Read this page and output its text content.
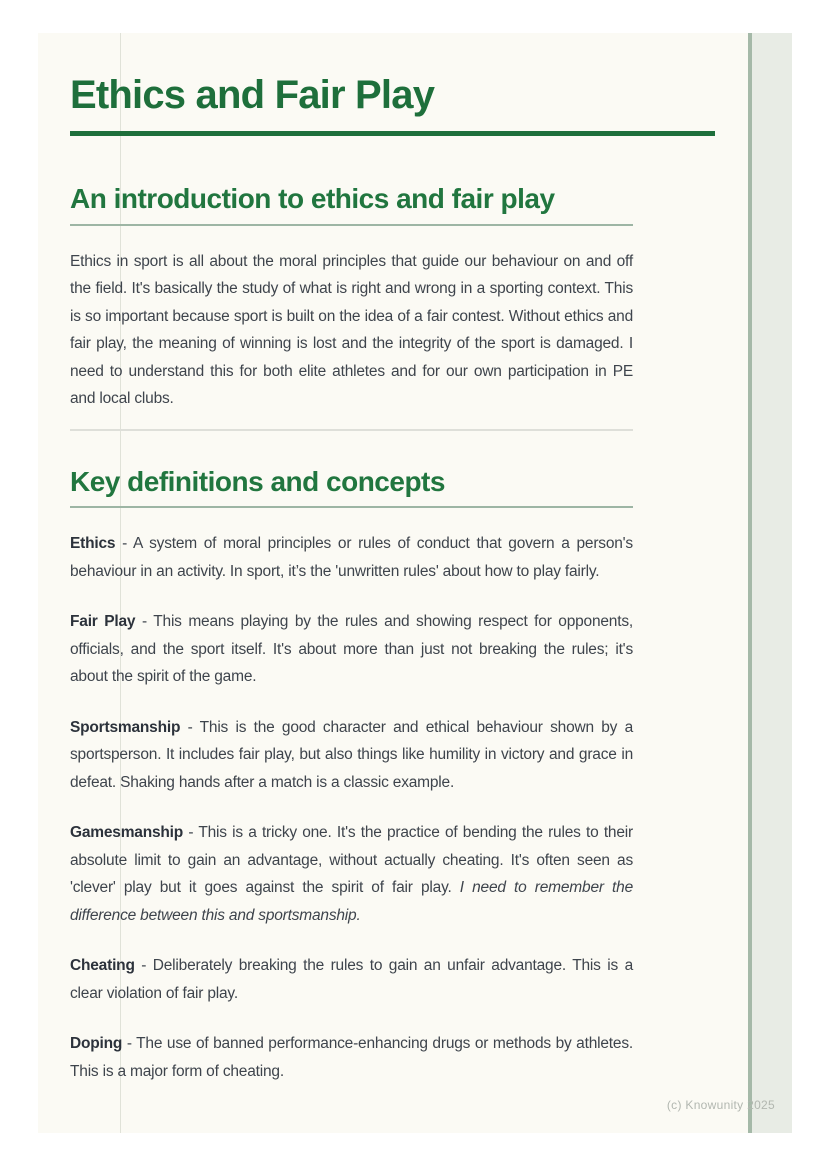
Ethics and Fair Play
An introduction to ethics and fair play

Ethics in sport is all about the moral principles that guide our behaviour on and off the field. It's basically the study of what is right and wrong in a sporting context. This is so important because sport is built on the idea of a fair contest. Without ethics and fair play, the meaning of winning is lost and the integrity of the sport is damaged. I need to understand this for both elite athletes and for our own participation in PE and local clubs.

Key definitions and concepts

Ethics - A system of moral principles or rules of conduct that govern a person's behaviour in an activity. In sport, it’s the 'unwritten rules' about how to play fairly.

Fair Play - This means playing by the rules and showing respect for opponents, officials, and the sport itself. It's about more than just not breaking the rules; it's about the spirit of the game.

Sportsmanship - This is the good character and ethical behaviour shown by a sportsperson. It includes fair play, but also things like humility in victory and grace in defeat. Shaking hands after a match is a classic example.

Gamesmanship - This is a tricky one. It's the practice of bending the rules to their absolute limit to gain an advantage, without actually cheating. It's often seen as 'clever' play but it goes against the spirit of fair play. I need to remember the difference between this and sportsmanship.

Cheating - Deliberately breaking the rules to gain an unfair advantage. This is a clear violation of fair play.

Doping - The use of banned performance-enhancing drugs or methods by athletes. This is a major form of cheating.

(c) Knowunity 2025
